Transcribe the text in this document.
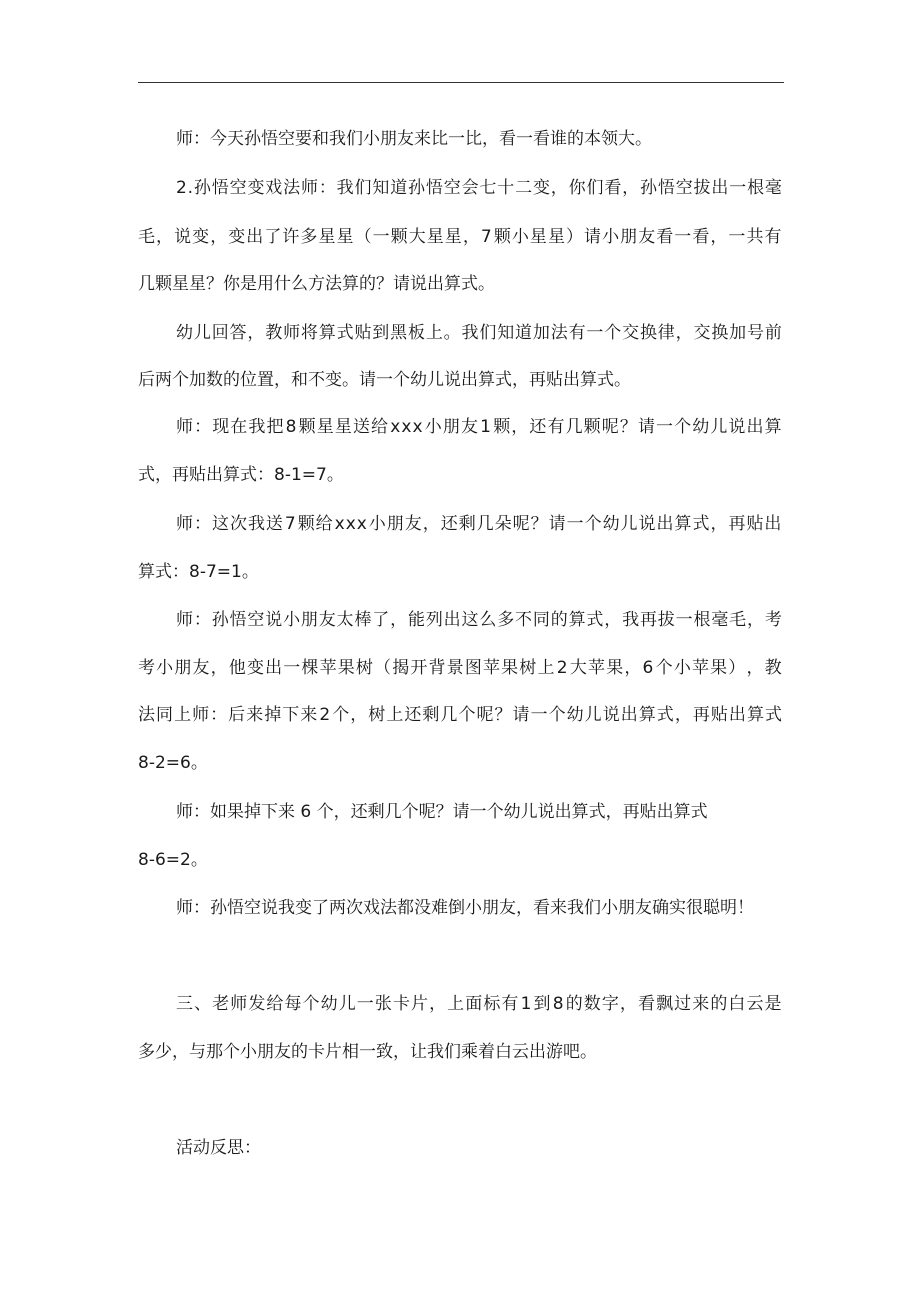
师：今天孙悟空要和我们小朋友来比一比，看一看谁的本领大。
2 . 孙 悟 空 变 戏 法 师 ： 我 们 知 道 孙 悟 空 会 七 十 二 变 ， 你 们 看 ， 孙 悟 空 拔 出 一 根 毫
毛 ， 说 变 ， 变 出 了 许 多 星 星 （ 一 颗 大 星 星 ， 7 颗 小 星 星 ） 请 小 朋 友 看 一 看 ， 一 共 有
几颗星星？你是用什么方法算的？请说出算式。
幼 儿 回 答 ， 教 师 将 算 式 贴 到 黑 板 上 。 我 们 知 道 加 法 有 一 个 交 换 律 ， 交 换 加 号 前
后两个加数的位置，和不变。请一个幼儿说出算式，再贴出算式。
师 ： 现 在 我 把 8 颗 星 星 送 给 x x x 小 朋 友 1 颗 ， 还 有 几 颗 呢 ？ 请 一 个 幼 儿 说 出 算
式，再贴出算式：8-1=7。
师 ： 这 次 我 送 7 颗 给 x x x 小 朋 友 ， 还 剩 几 朵 呢 ？ 请 一 个 幼 儿 说 出 算 式 ， 再 贴 出
算式：8-7=1。
师 ： 孙 悟 空 说 小 朋 友 太 棒 了 ， 能 列 出 这 么 多 不 同 的 算 式 ， 我 再 拔 一 根 毫 毛 ， 考
考 小 朋 友 ， 他 变 出 一 棵 苹 果 树 （ 揭 开 背 景 图 苹 果 树 上 2 大 苹 果 ， 6 个 小 苹 果 ） ， 教
法 同 上 师 ： 后 来 掉 下 来 2 个 ， 树 上 还 剩 几 个 呢 ？ 请 一 个 幼 儿 说 出 算 式 ， 再 贴 出 算 式
8-2=6。
师：如果掉下来 6 个，还剩几个呢？请一个幼儿说出算式，再贴出算式
8-6=2。
师：孙悟空说我变了两次戏法都没难倒小朋友，看来我们小朋友确实很聪明！
三 、 老 师 发 给 每 个 幼 儿 一 张 卡 片 ， 上 面 标 有 1 到 8 的 数 字 ， 看 飘 过 来 的 白 云 是
多少，与那个小朋友的卡片相一致，让我们乘着白云出游吧。
活动反思：
